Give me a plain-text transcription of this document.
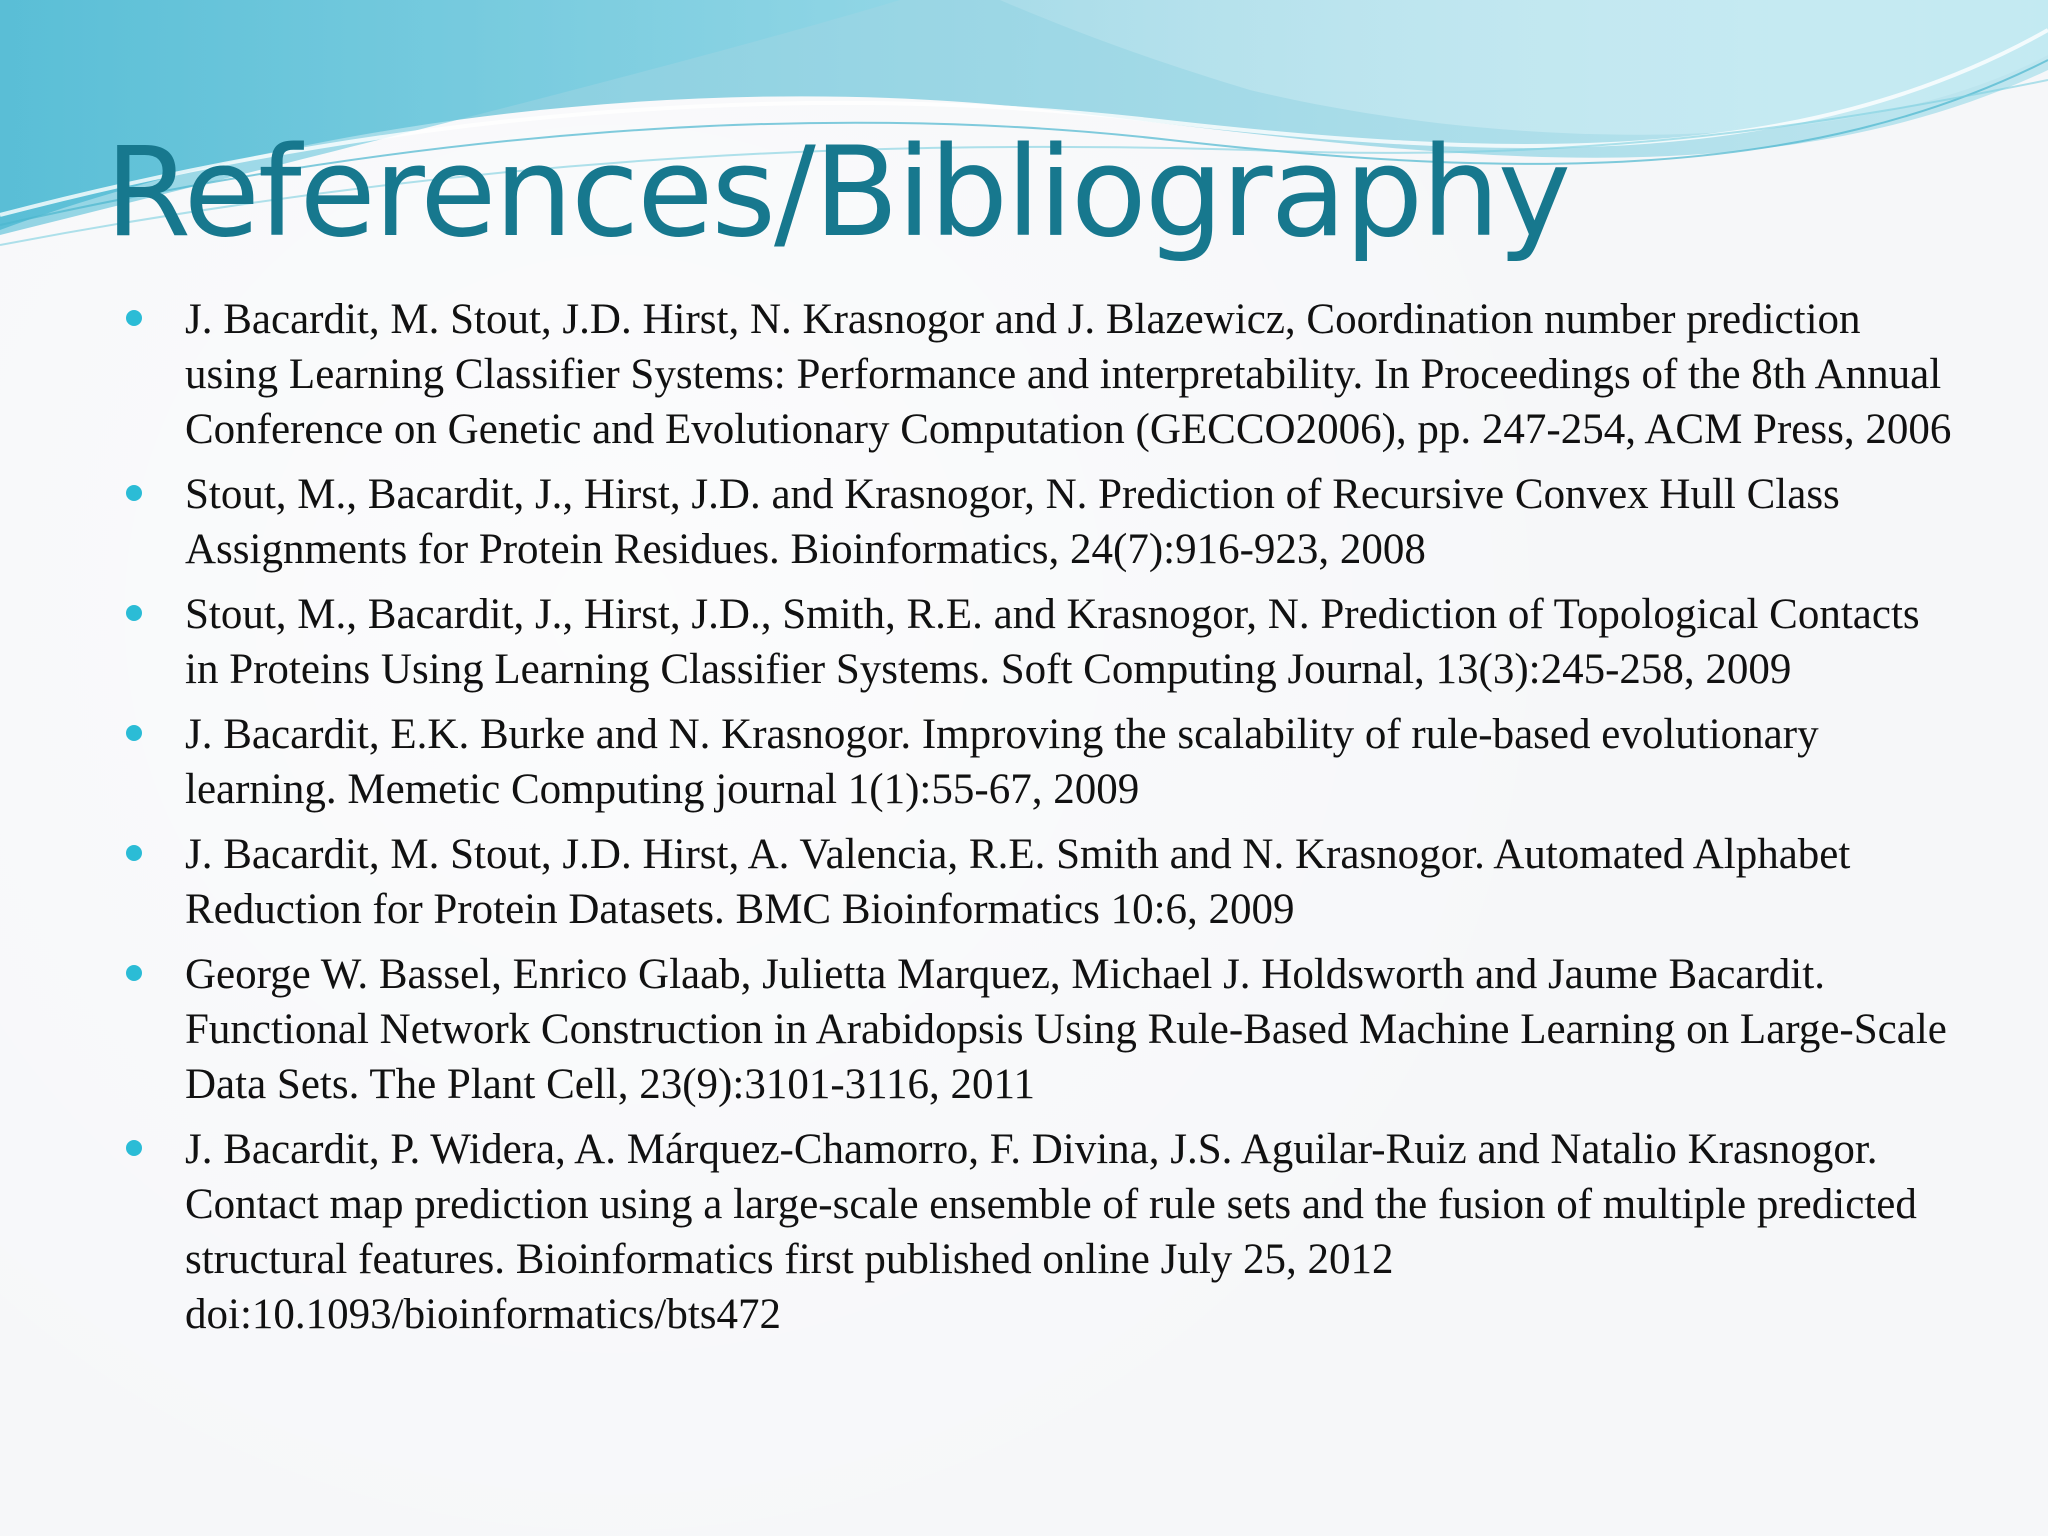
References/Bibliography
J. Bacardit, M. Stout, J.D. Hirst, N. Krasnogor and J. Blazewicz, Coordination number prediction using Learning Classifier Systems: Performance and interpretability. In Proceedings of the 8th Annual Conference on Genetic and Evolutionary Computation (GECCO2006), pp. 247-254, ACM Press, 2006
Stout, M., Bacardit, J., Hirst, J.D. and Krasnogor, N. Prediction of Recursive Convex Hull Class Assignments for Protein Residues. Bioinformatics, 24(7):916-923, 2008
Stout, M., Bacardit, J., Hirst, J.D., Smith, R.E. and Krasnogor, N. Prediction of Topological Contacts in Proteins Using Learning Classifier Systems. Soft Computing Journal, 13(3):245-258, 2009
J. Bacardit, E.K. Burke and N. Krasnogor. Improving the scalability of rule-based evolutionary learning. Memetic Computing journal 1(1):55-67, 2009
J. Bacardit, M. Stout, J.D. Hirst, A. Valencia, R.E. Smith and N. Krasnogor. Automated Alphabet Reduction for Protein Datasets. BMC Bioinformatics 10:6, 2009
George W. Bassel, Enrico Glaab, Julietta Marquez, Michael J. Holdsworth and Jaume Bacardit. Functional Network Construction in Arabidopsis Using Rule-Based Machine Learning on Large-Scale Data Sets. The Plant Cell, 23(9):3101-3116, 2011
J. Bacardit, P. Widera, A. Márquez-Chamorro, F. Divina, J.S. Aguilar-Ruiz and Natalio Krasnogor. Contact map prediction using a large-scale ensemble of rule sets and the fusion of multiple predicted structural features. Bioinformatics first published online July 25, 2012 doi:10.1093/bioinformatics/bts472
